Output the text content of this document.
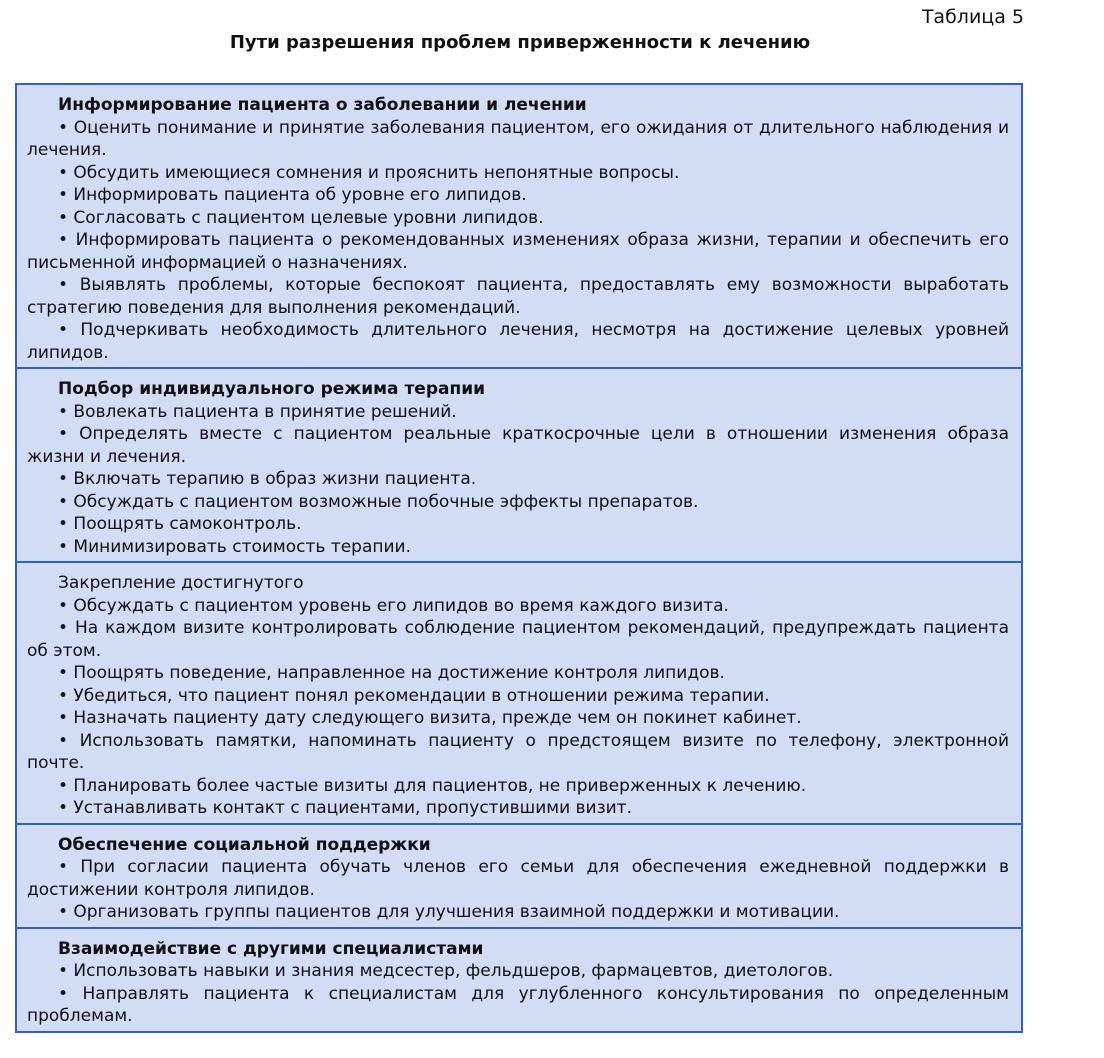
Таблица 5
Пути разрешения проблем приверженности к лечению

Информирование пациента о заболевании и лечении

• Оценить понимание и принятие заболевания пациентом, его ожидания от длительного наблюдения и лечения.

• Обсудить имеющиеся сомнения и прояснить непонятные вопросы.

• Информировать пациента об уровне его липидов.

• Согласовать с пациентом целевые уровни липидов.

• Информировать пациента о рекомендованных изменениях образа жизни, терапии и обеспечить его письменной информацией о назначениях.

• Выявлять проблемы, которые беспокоят пациента, предоставлять ему возможности выработать стратегию поведения для выполнения рекомендаций.

• Подчеркивать необходимость длительного лечения, несмотря на достижение целевых уровней липидов.

Подбор индивидуального режима терапии

• Вовлекать пациента в принятие решений.

• Определять вместе с пациентом реальные краткосрочные цели в отношении изменения образа жизни и лечения.

• Включать терапию в образ жизни пациента.

• Обсуждать с пациентом возможные побочные эффекты препаратов.

• Поощрять самоконтроль.

• Минимизировать стоимость терапии.

Закрепление достигнутого

• Обсуждать с пациентом уровень его липидов во время каждого визита.

• На каждом визите контролировать соблюдение пациентом рекомендаций, предупреждать пациента об этом.

• Поощрять поведение, направленное на достижение контроля липидов.

• Убедиться, что пациент понял рекомендации в отношении режима терапии.

• Назначать пациенту дату следующего визита, прежде чем он покинет кабинет.

• Использовать памятки, напоминать пациенту о предстоящем визите по телефону, электронной почте.

• Планировать более частые визиты для пациентов, не приверженных к лечению.

• Устанавливать контакт с пациентами, пропустившими визит.

Обеспечение социальной поддержки

• При согласии пациента обучать членов его семьи для обеспечения ежедневной поддержки в достижении контроля липидов.

• Организовать группы пациентов для улучшения взаимной поддержки и мотивации.

Взаимодействие с другими специалистами

• Использовать навыки и знания медсестер, фельдшеров, фармацевтов, диетологов.

• Направлять пациента к специалистам для углубленного консультирования по определенным проблемам.
